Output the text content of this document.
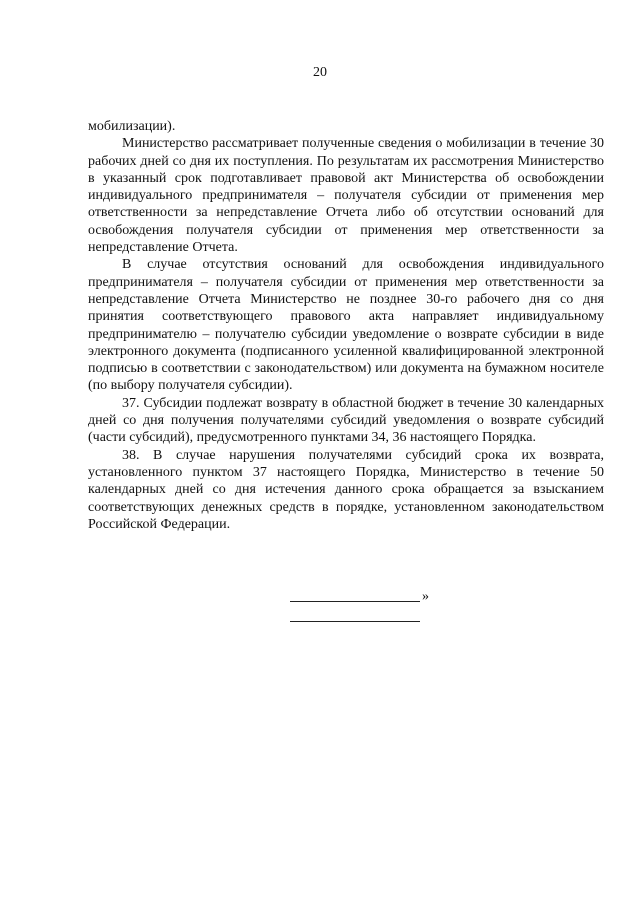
20

мобилизации).

Министерство рассматривает полученные сведения о мобилизации в течение 30 рабочих дней со дня их поступления. По результатам их рассмотрения Министерство в указанный срок подготавливает правовой акт Министерства об освобождении индивидуального предпринимателя – получателя субсидии от применения мер ответственности за непредставление Отчета либо об отсутствии оснований для освобождения получателя субсидии от применения мер ответственности за непредставление Отчета.

В случае отсутствия оснований для освобождения индивидуального предпринимателя – получателя субсидии от применения мер ответственности за непредставление Отчета Министерство не позднее 30-го рабочего дня со дня принятия соответствующего правового акта направляет индивидуальному предпринимателю – получателю субсидии уведомление о возврате субсидии в виде электронного документа (подписанного усиленной квалифицированной электронной подписью в соответствии с законодательством) или документа на бумажном носителе (по выбору получателя субсидии).

37. Субсидии подлежат возврату в областной бюджет в течение 30 календарных дней со дня получения получателями субсидий уведомления о возврате субсидий (части субсидий), предусмотренного пунктами 34, 36 настоящего Порядка.

38. В случае нарушения получателями субсидий срока их возврата, установленного пунктом 37 настоящего Порядка, Министерство в течение 50 календарных дней со дня истечения данного срока обращается за взысканием соответствующих денежных средств в порядке, установленном законодательством Российской Федерации.

»
